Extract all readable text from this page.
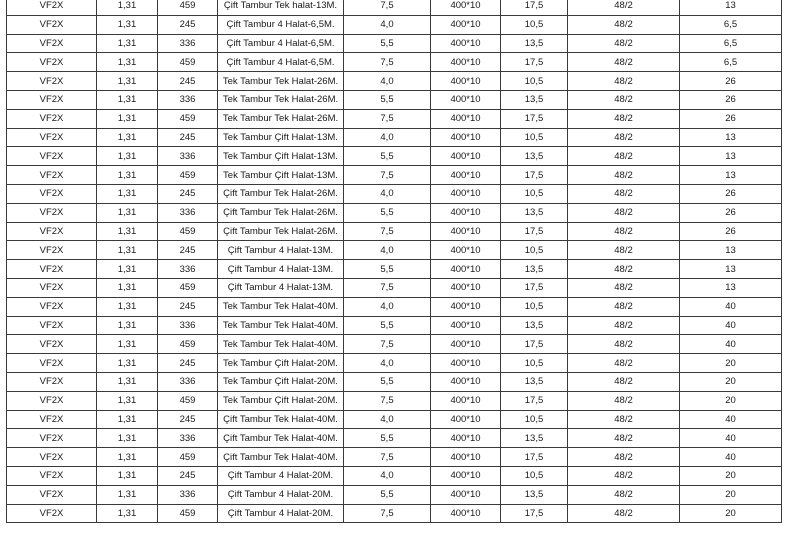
VF2X	1,31	459	Çift Tambur Tek halat-13M.	7,5	400*10	17,5	48/2	13
VF2X	1,31	245	Çift Tambur 4 Halat-6,5M.	4,0	400*10	10,5	48/2	6,5
VF2X	1,31	336	Çift Tambur 4 Halat-6,5M.	5,5	400*10	13,5	48/2	6,5
VF2X	1,31	459	Çift Tambur 4 Halat-6,5M.	7,5	400*10	17,5	48/2	6,5
VF2X	1,31	245	Tek Tambur Tek Halat-26M.	4,0	400*10	10,5	48/2	26
VF2X	1,31	336	Tek Tambur Tek Halat-26M.	5,5	400*10	13,5	48/2	26
VF2X	1,31	459	Tek Tambur Tek Halat-26M.	7,5	400*10	17,5	48/2	26
VF2X	1,31	245	Tek Tambur Çift Halat-13M.	4,0	400*10	10,5	48/2	13
VF2X	1,31	336	Tek Tambur Çift Halat-13M.	5,5	400*10	13,5	48/2	13
VF2X	1,31	459	Tek Tambur Çift Halat-13M.	7,5	400*10	17,5	48/2	13
VF2X	1,31	245	Çift Tambur Tek Halat-26M.	4,0	400*10	10,5	48/2	26
VF2X	1,31	336	Çift Tambur Tek Halat-26M.	5,5	400*10	13,5	48/2	26
VF2X	1,31	459	Çift Tambur Tek Halat-26M.	7,5	400*10	17,5	48/2	26
VF2X	1,31	245	Çift Tambur 4 Halat-13M.	4,0	400*10	10,5	48/2	13
VF2X	1,31	336	Çift Tambur 4 Halat-13M.	5,5	400*10	13,5	48/2	13
VF2X	1,31	459	Çift Tambur 4 Halat-13M.	7,5	400*10	17,5	48/2	13
VF2X	1,31	245	Tek Tambur Tek Halat-40M.	4,0	400*10	10,5	48/2	40
VF2X	1,31	336	Tek Tambur Tek Halat-40M.	5,5	400*10	13,5	48/2	40
VF2X	1,31	459	Tek Tambur Tek Halat-40M.	7,5	400*10	17,5	48/2	40
VF2X	1,31	245	Tek Tambur Çift Halat-20M.	4,0	400*10	10,5	48/2	20
VF2X	1,31	336	Tek Tambur Çift Halat-20M.	5,5	400*10	13,5	48/2	20
VF2X	1,31	459	Tek Tambur Çift Halat-20M.	7,5	400*10	17,5	48/2	20
VF2X	1,31	245	Çift Tambur Tek Halat-40M.	4,0	400*10	10,5	48/2	40
VF2X	1,31	336	Çift Tambur Tek Halat-40M.	5,5	400*10	13,5	48/2	40
VF2X	1,31	459	Çift Tambur Tek Halat-40M.	7,5	400*10	17,5	48/2	40
VF2X	1,31	245	Çift Tambur 4 Halat-20M.	4,0	400*10	10,5	48/2	20
VF2X	1,31	336	Çift Tambur 4 Halat-20M.	5,5	400*10	13,5	48/2	20
VF2X	1,31	459	Çift Tambur 4 Halat-20M.	7,5	400*10	17,5	48/2	20
